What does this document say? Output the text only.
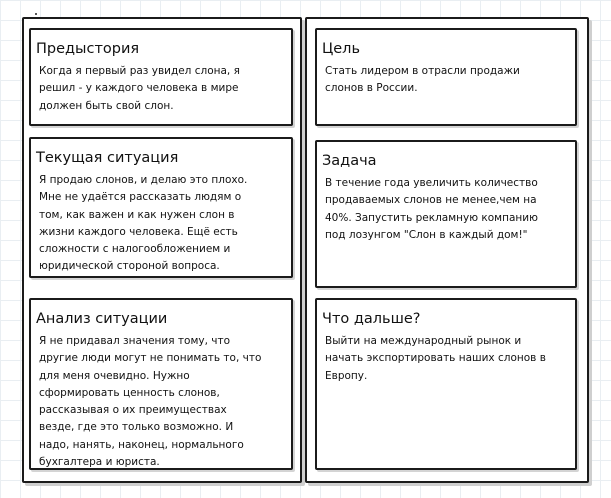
Предыстория

Когда я первый раз увидел слона, я
решил - у каждого человека в мире
должен быть свой слон.

Текущая ситуация

Я продаю слонов, и делаю это плохо.
Мне не удаётся рассказать людям о
том, как важен и как нужен слон в
жизни каждого человека. Ещё есть
сложности с налогообложением и
юридической стороной вопроса.

Анализ ситуации

Я не придавал значения тому, что
другие люди могут не понимать то, что
для меня очевидно. Нужно
сформировать ценность слонов,
рассказывая о их преимуществах
везде, где это только возможно. И
надо, нанять, наконец, нормального
бухгалтера и юриста.

Цель

Стать лидером в отрасли продажи
слонов в России.

Задача

В течение года увеличить количество
продаваемых слонов не менее,чем на
40%. Запустить рекламную компанию
под лозунгом "Слон в каждый дом!"

Что дальше?

Выйти на международный рынок и
начать экспортировать наших слонов в
Европу.
